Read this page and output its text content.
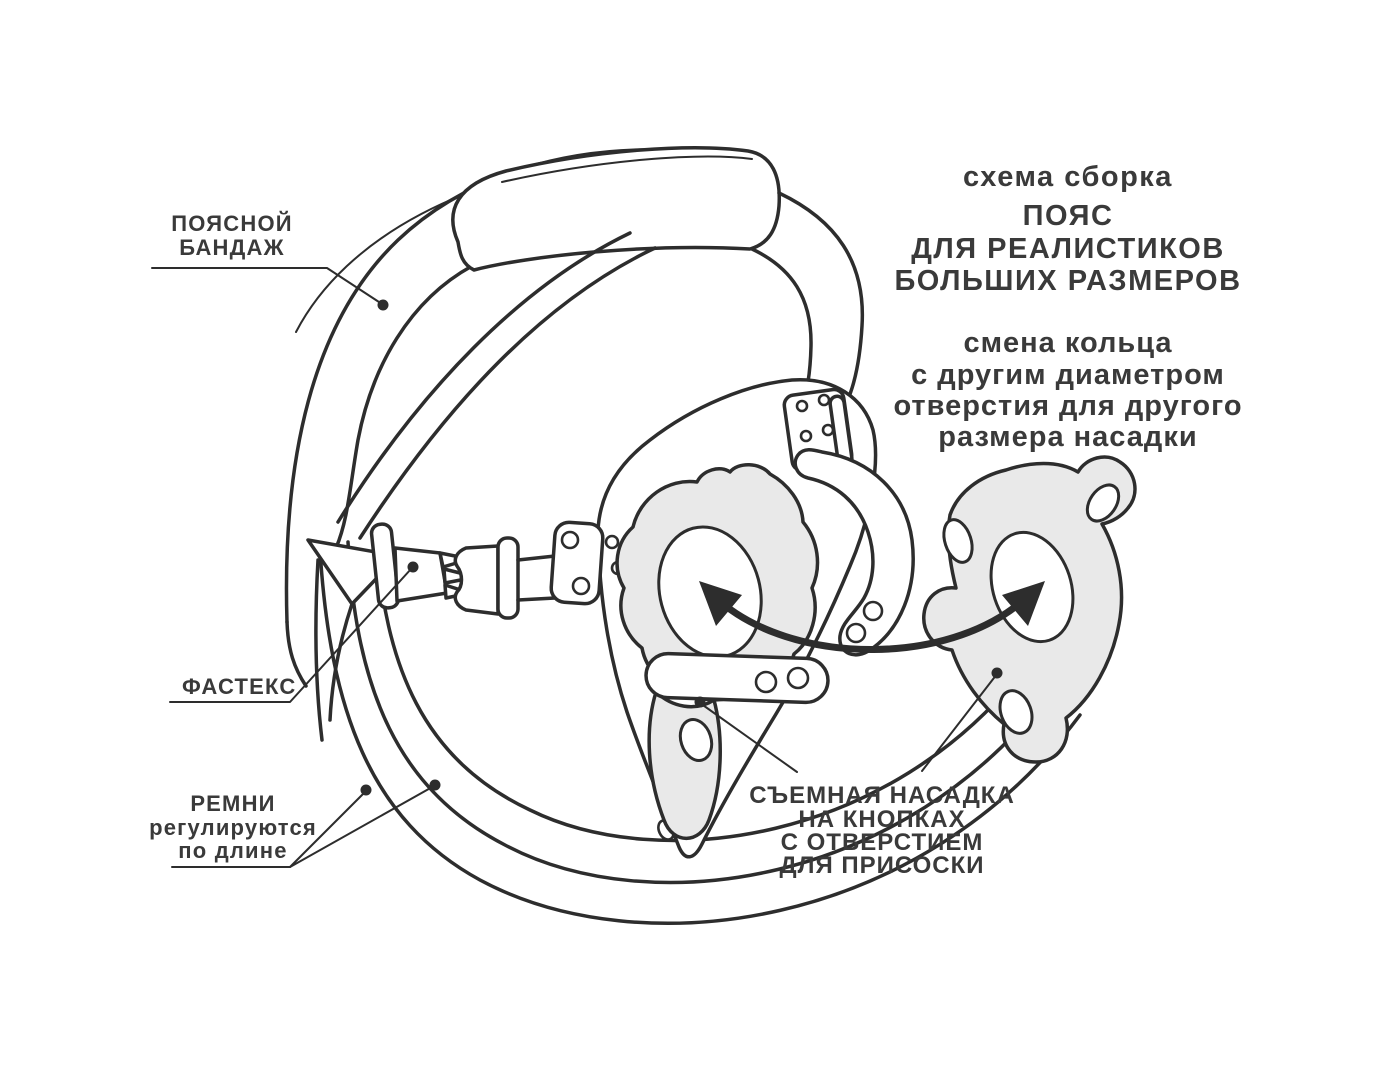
схема сборка
ПОЯС
ДЛЯ РЕАЛИСТИКОВ
БОЛЬШИХ РАЗМЕРОВ
смена кольца
с другим диаметром
отверстия для другого
размера насадки
ПОЯСНОЙ
БАНДАЖ
ФАСТЕКС
РЕМНИ
регулируются
по длине
СЪЕМНАЯ НАСАДКА
НА КНОПКАХ
С ОТВЕРСТИЕМ
ДЛЯ ПРИСОСКИ
